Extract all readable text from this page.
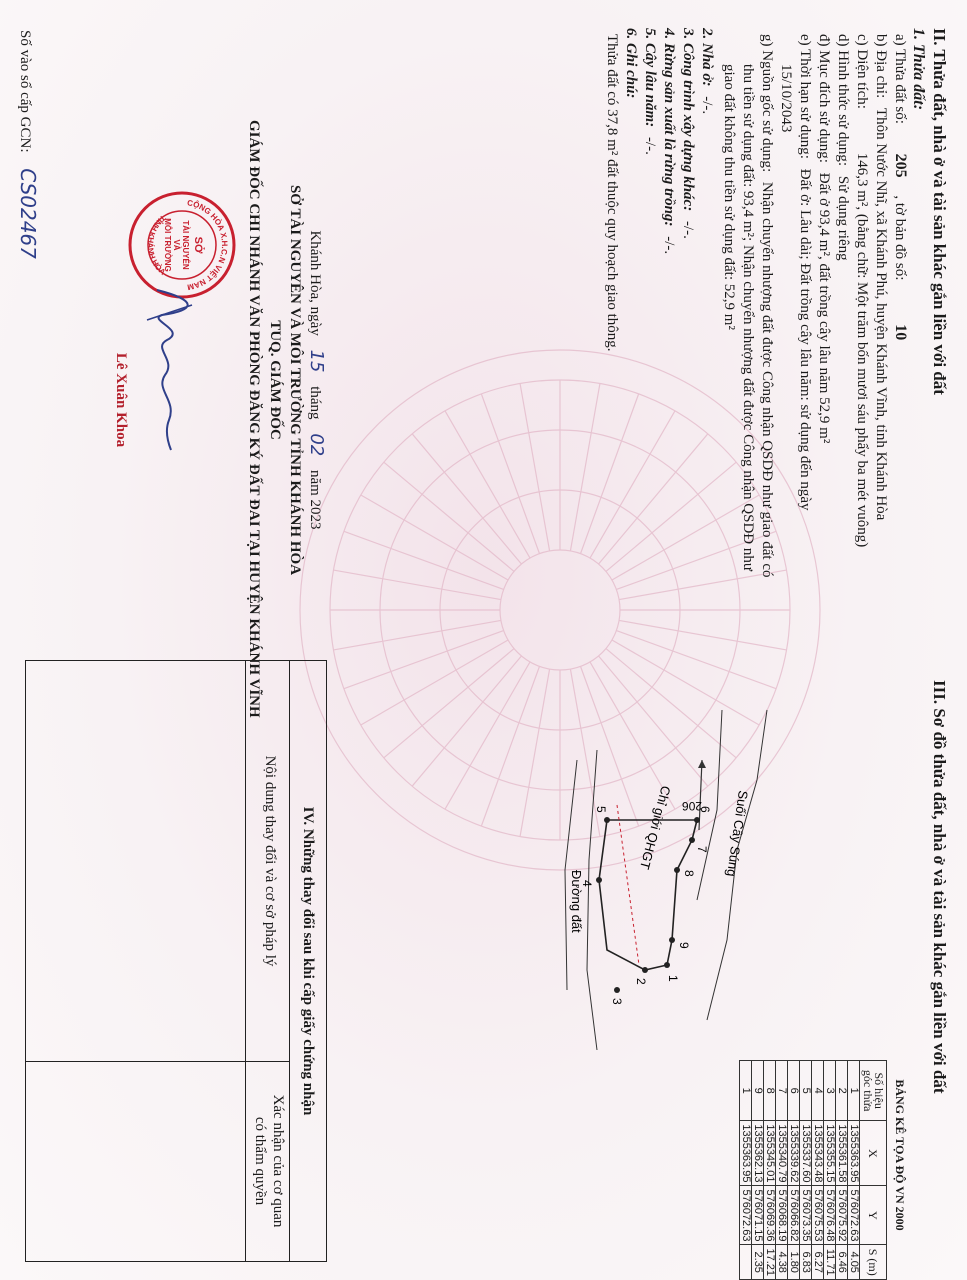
II. Thửa đất, nhà ở và tài sản khác gắn liền với đất
1. Thửa đất:
a) Thửa đất số: 205 , tờ bản đồ số: 10
b) Địa chỉ: Thôn Nước Nhĩ, xã Khánh Phú, huyện Khánh Vĩnh, tỉnh Khánh Hòa
c) Diện tích: 146,3 m², (bằng chữ: Một trăm bốn mươi sáu phẩy ba mét vuông)
d) Hình thức sử dụng: Sử dụng riêng
đ) Mục đích sử dụng: Đất ở 93,4 m², đất trồng cây lâu năm 52,9 m²
e) Thời hạn sử dụng: Đất ở: Lâu dài; Đất trồng cây lâu năm: sử dụng đến ngày
15/10/2043
g) Nguồn gốc sử dụng: Nhận chuyển nhượng đất được Công nhận QSDĐ như giao đất có
thu tiền sử dụng đất: 93,4 m²; Nhận chuyển nhượng đất được Công nhận QSDĐ như
giao đất không thu tiền sử dụng đất: 52,9 m²
2. Nhà ở: -/-.
3. Công trình xây dựng khác: -/-.
4. Rừng sản xuất là rừng trồng: -/-.
5. Cây lâu năm: -/-.
6. Ghi chú:
Thửa đất có 37,8 m² đất thuộc quy hoạch giao thông.
Khánh Hòa, ngày 15 tháng 02 năm 2023
SỞ TÀI NGUYÊN VÀ MÔI TRƯỜNG TỈNH KHÁNH HÒA
TUQ. GIÁM ĐỐC
GIÁM ĐỐC CHI NHÁNH VĂN PHÒNG ĐĂNG KÝ ĐẤT ĐAI TẠI HUYỆN KHÁNH VĨNH
CỘNG HÒA X.H.C.N VIỆT NAM
TỈNH KHÁNH HÒA
SỞ
TÀI NGUYÊN
VÀ
MÔI TRƯỜNG
Lê Xuân Khoa
Số vào sổ cấp GCN: CS02467
III. Sơ đồ thửa đất, nhà ở và tài sản khác gắn liền với đất
Suối Cây Súng
Đường đất
Chỉ giới QHGT 206
1
2
3
4
5	6
7
8
9
BẢNG KÊ TỌA ĐỘ VN 2000
Số hiệu góc thửa	X	Y	S (m)
1	1355363.95	576072.63	4.05
2	1355361.58	576075.92	6.46
3	1355355.15	576076.48	11.71
4	1355343.48	576075.53	6.27
5	1355337.60	576073.35	6.83
6	1355339.62	576066.82	1.80
7	1355340.79	576068.19	4.38
8	1355345.01	576069.36	17.21
9	1355362.13	576071.15	2.35
1	1355363.95	576072.63	
IV. Những thay đổi sau khi cấp giấy chứng nhận
Nội dung thay đổi và cơ sở pháp lý
Xác nhận của cơ quan
có thẩm quyền
